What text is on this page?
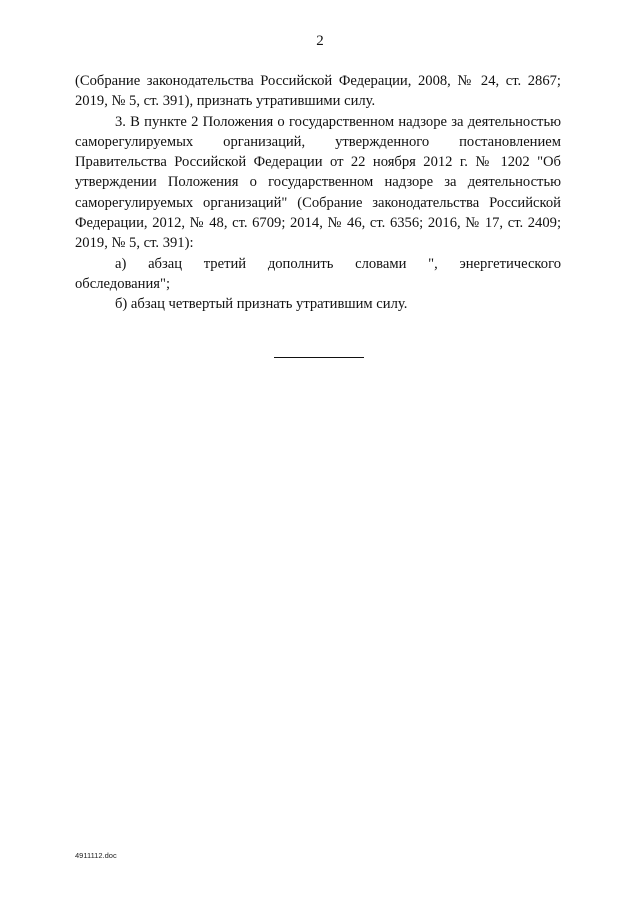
2

(Собрание законодательства Российской Федерации, 2008, № 24, ст. 2867; 2019, № 5, ст. 391), признать утратившими силу.

3. В пункте 2 Положения о государственном надзоре за деятельностью саморегулируемых организаций, утвержденного постановлением Правительства Российской Федерации от 22 ноября 2012 г. № 1202 "Об утверждении Положения о государственном надзоре за деятельностью саморегулируемых организаций" (Собрание законодательства Российской Федерации, 2012, № 48, ст. 6709; 2014, № 46, ст. 6356; 2016, № 17, ст. 2409; 2019, № 5, ст. 391):

а) абзац третий дополнить словами ", энергетического

обследования";

б) абзац четвертый признать утратившим силу.

4911112.doc
